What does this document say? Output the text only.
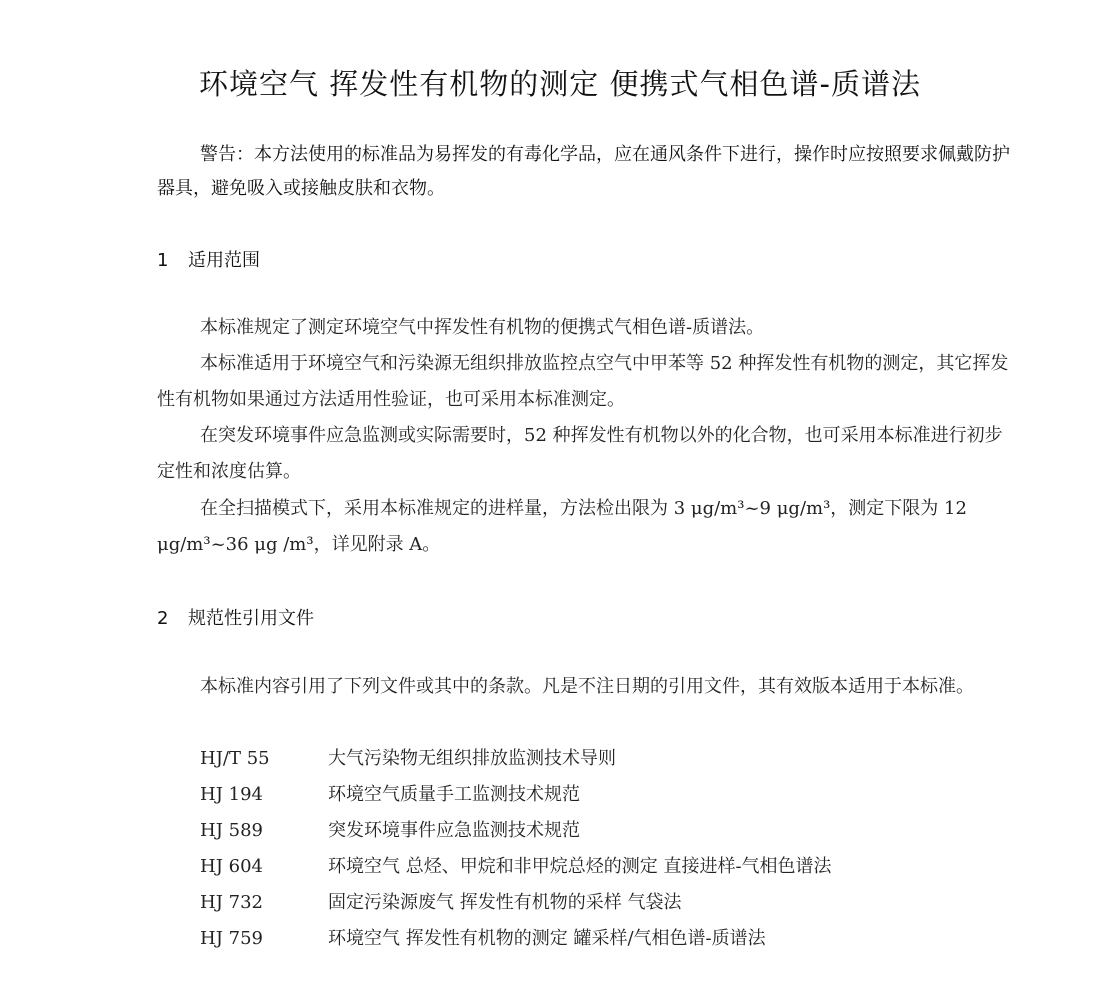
环境空气 挥发性有机物的测定 便携式气相色谱-质谱法
警告：本方法使用的标准品为易挥发的有毒化学品，应在通风条件下进行，操作时应按照要求佩戴防护器具，避免吸入或接触皮肤和衣物。
1 适用范围
本标准规定了测定环境空气中挥发性有机物的便携式气相色谱-质谱法。
本标准适用于环境空气和污染源无组织排放监控点空气中甲苯等 52 种挥发性有机物的测定，其它挥发性有机物如果通过方法适用性验证，也可采用本标准测定。
在突发环境事件应急监测或实际需要时，52 种挥发性有机物以外的化合物，也可采用本标准进行初步定性和浓度估算。
在全扫描模式下，采用本标准规定的进样量，方法检出限为 3 μg/m³~9 μg/m³，测定下限为 12 μg/m³~36 μg /m³，详见附录 A。
2 规范性引用文件
本标准内容引用了下列文件或其中的条款。凡是不注日期的引用文件，其有效版本适用于本标准。
HJ/T 55	大气污染物无组织排放监测技术导则
HJ 194	环境空气质量手工监测技术规范
HJ 589	突发环境事件应急监测技术规范
HJ 604	环境空气 总烃、甲烷和非甲烷总烃的测定 直接进样-气相色谱法
HJ 732	固定污染源废气 挥发性有机物的采样 气袋法
HJ 759	环境空气 挥发性有机物的测定 罐采样/气相色谱-质谱法
